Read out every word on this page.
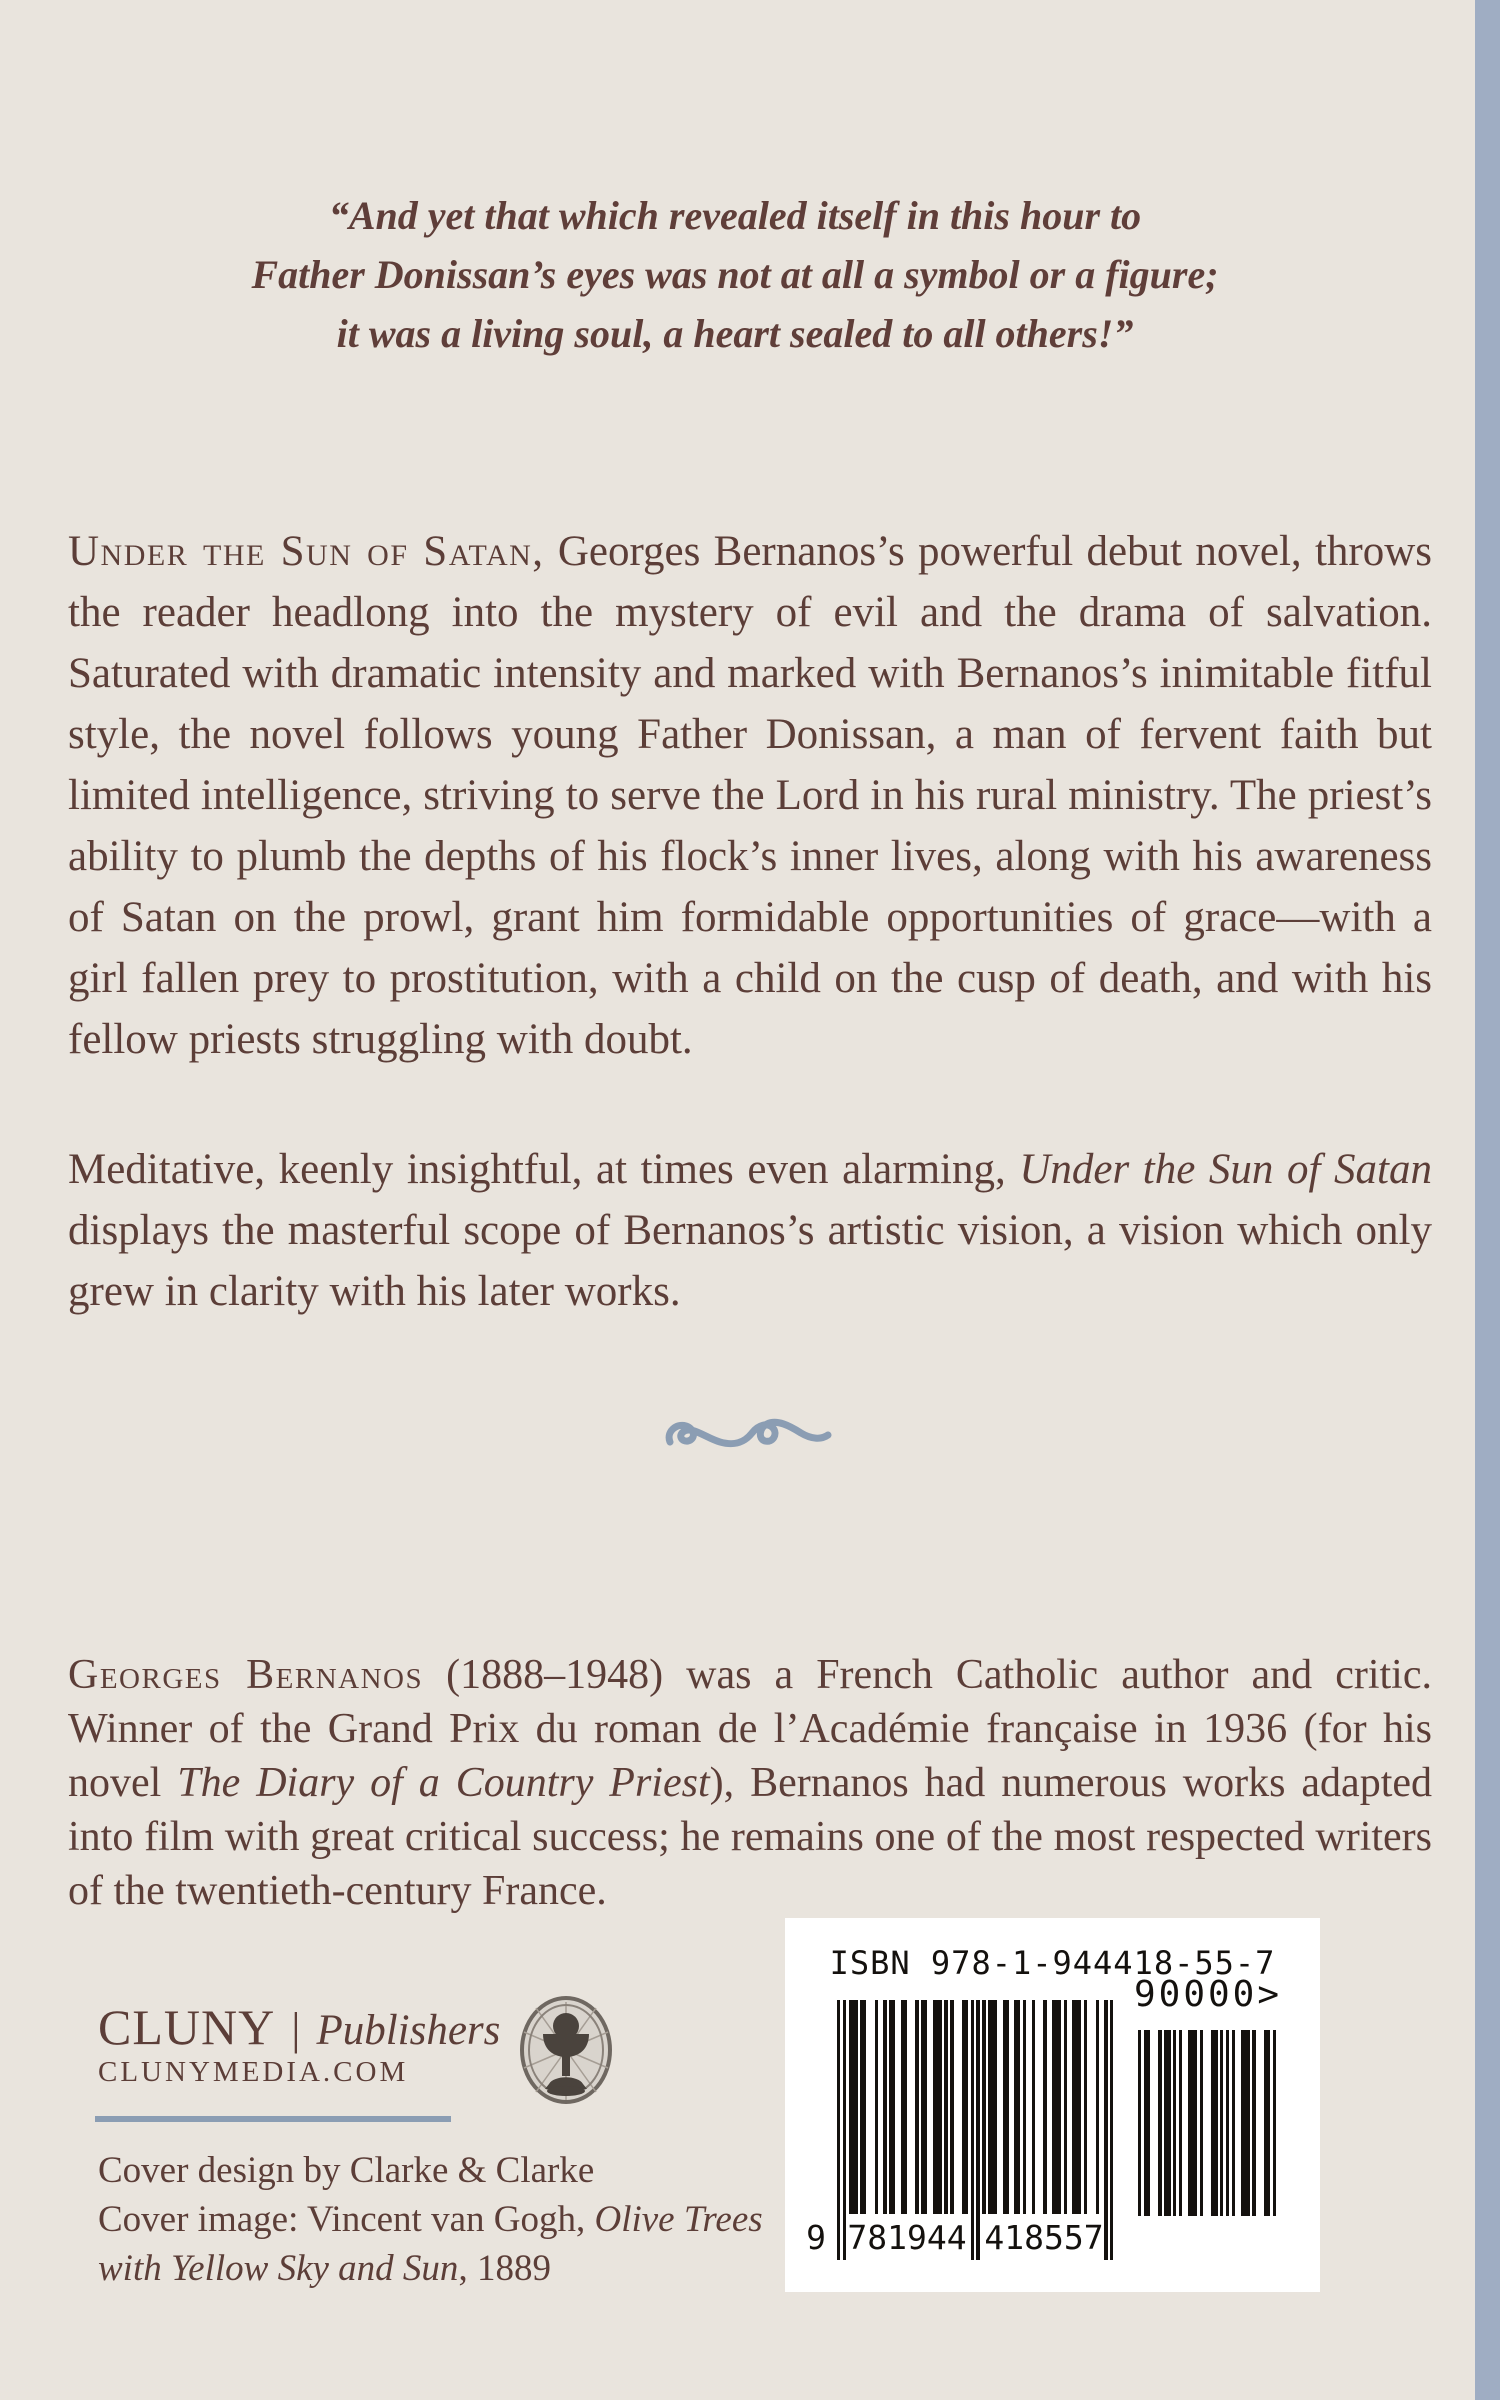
“And yet that which revealed itself in this hour to
Father Donissan’s eyes was not at all a symbol or a figure;
it was a living soul, a heart sealed to all others!”

Under the Sun of Satan, Georges Bernanos’s powerful debut novel, throws the reader headlong into the mystery of evil and the drama of salvation. Saturated with dramatic intensity and marked with Bernanos’s inimitable fitful style, the novel follows young Father Donissan, a man of fervent faith but limited intelligence, striving to serve the Lord in his rural ministry. The priest’s ability to plumb the depths of his flock’s inner lives, along with his awareness of Satan on the prowl, grant him formidable opportunities of grace—with a girl fallen prey to prostitution, with a child on the cusp of death, and with his fellow priests struggling with doubt.

Meditative, keenly insightful, at times even alarming, Under the Sun of Satan displays the masterful scope of Bernanos’s artistic vision, a vision which only grew in clarity with his later works.

Georges Bernanos (1888–1948) was a French Catholic author and critic. Winner of the Grand Prix du roman de l’Académie française in 1936 (for his novel The Diary of a Country Priest), Bernanos had numerous works adapted into film with great critical success; he remains one of the most respected writers of the twentieth-century France.

CLUNY | Publishers
CLUNYMEDIA.COM
Cover design by Clarke & Clarke
Cover image: Vincent van Gogh, Olive Trees
with Yellow Sky and Sun, 1889
ISBN 978-1-944418-55-7
90000>
9 781944 418557
